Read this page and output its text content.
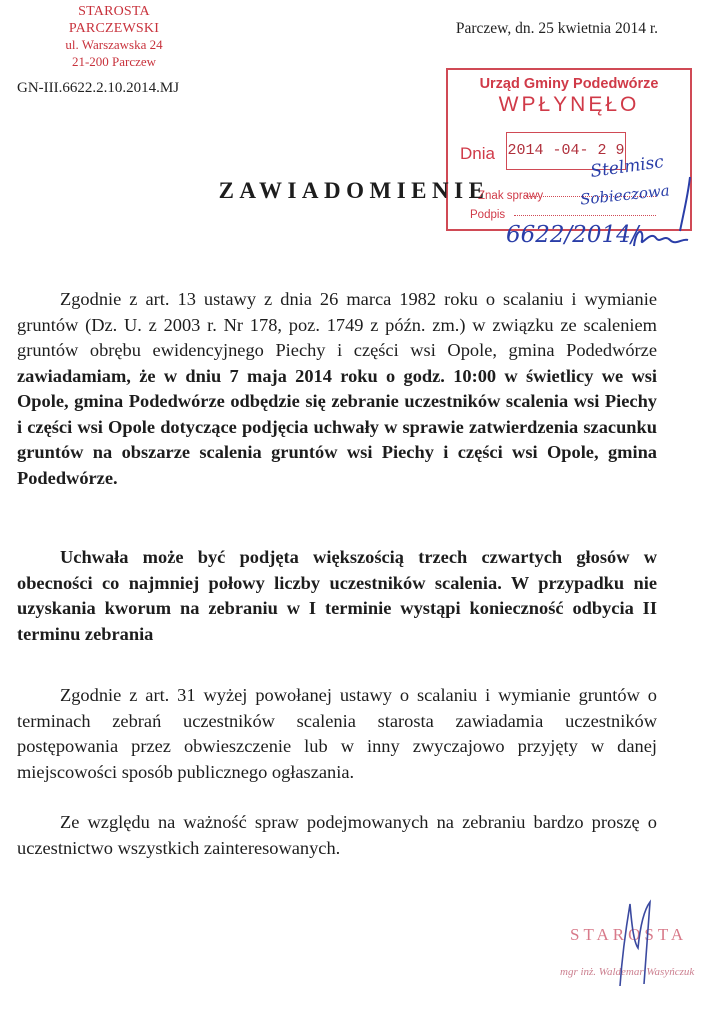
STAROSTA PARCZEWSKI
ul. Warszawska 24
21-200 Parczew
Parczew, dn. 25 kwietnia 2014 r.
GN-III.6622.2.10.2014.MJ	Urząd Gminy Podedwórze
WPŁYNĘŁO
Dnia 2014 -04- 2 9
Znak sprawy
Podpis
Stelmisc
Sobieczowa
6622/2014/
ZAWIADOMIENIE
Zgodnie z art. 13 ustawy z dnia 26 marca 1982 roku o scalaniu i wymianie gruntów (Dz. U. z 2003 r. Nr 178, poz. 1749 z późn. zm.) w związku ze scaleniem gruntów obrębu ewidencyjnego Piechy i części wsi Opole, gmina Podedwórze zawiadamiam, że w dniu 7 maja 2014 roku o godz. 10:00 w świetlicy we wsi Opole, gmina Podedwórze odbędzie się zebranie uczestników scalenia wsi Piechy i części wsi Opole dotyczące podjęcia uchwały w sprawie zatwierdzenia szacunku gruntów na obszarze scalenia gruntów wsi Piechy i części wsi Opole, gmina Podedwórze.
Uchwała może być podjęta większością trzech czwartych głosów w obecności co najmniej połowy liczby uczestników scalenia. W przypadku nie uzyskania kworum na zebraniu w I terminie wystąpi konieczność odbycia II terminu zebrania
Zgodnie z art. 31 wyżej powołanej ustawy o scalaniu i wymianie gruntów o terminach zebrań uczestników scalenia starosta zawiadamia uczestników postępowania przez obwieszczenie lub w inny zwyczajowo przyjęty w danej miejscowości sposób publicznego ogłaszania.
Ze względu na ważność spraw podejmowanych na zebraniu bardzo proszę o uczestnictwo wszystkich zainteresowanych.
STAROSTA
mgr inż. Waldemar Wasyńczuk
